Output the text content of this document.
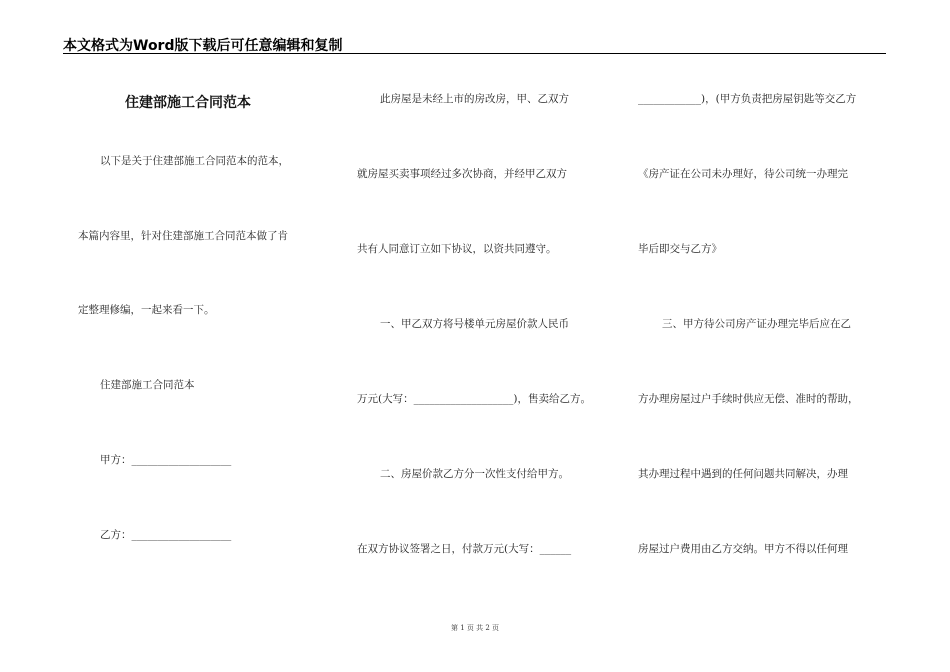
本文格式为Word版下载后可任意编辑和复制
住建部施工合同范本
以下是关于住建部施工合同范本的范本，
本篇内容里，针对住建部施工合同范本做了肯
定整理修编，一起来看一下。
住建部施工合同范本
甲方：___________________
乙方：___________________
此房屋是未经上市的房改房，甲、乙双方
就房屋买卖事项经过多次协商，并经甲乙双方
共有人同意订立如下协议，以资共同遵守。
一、甲乙双方将号楼单元房屋价款人民币
万元(大写：___________________)，售卖给乙方。
二、房屋价款乙方分一次性支付给甲方。
在双方协议签署之日，付款万元(大写：______
____________)，(甲方负责把房屋钥匙等交乙方
《房产证在公司未办理好，待公司统一办理完
毕后即交与乙方》
三、甲方待公司房产证办理完毕后应在乙
方办理房屋过户手续时供应无偿、准时的帮助，
其办理过程中遇到的任何问题共同解决，办理
房屋过户费用由乙方交纳。甲方不得以任何理
第 1 页 共 2 页
